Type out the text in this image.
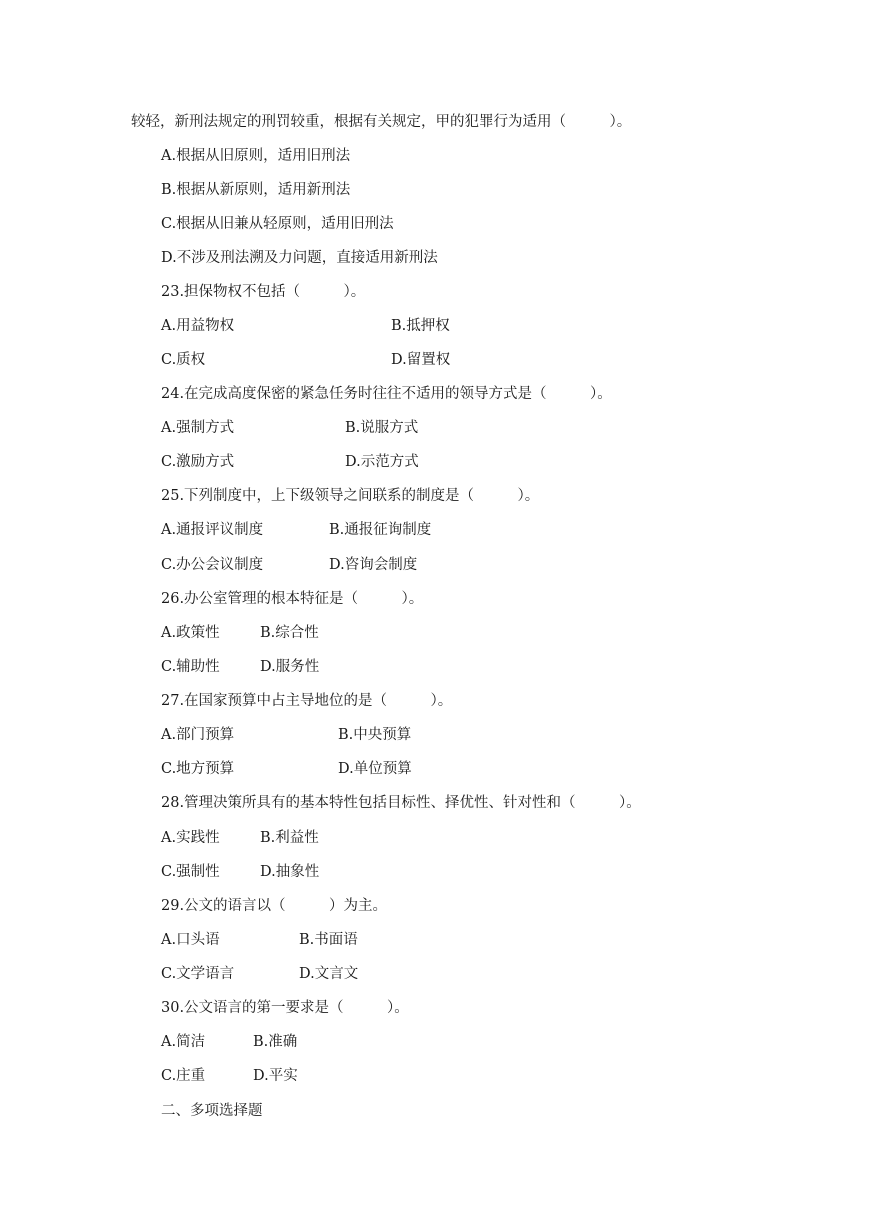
较轻，新刑法规定的刑罚较重，根据有关规定，甲的犯罪行为适用（　　　）。
A.根据从旧原则，适用旧刑法
B.根据从新原则，适用新刑法
C.根据从旧兼从轻原则，适用旧刑法
D.不涉及刑法溯及力问题，直接适用新刑法
23.担保物权不包括（　　　）。
A.用益物权	B.抵押权
C.质权	D.留置权
24.在完成高度保密的紧急任务时往往不适用的领导方式是（　　　）。
A.强制方式	B.说服方式
C.激励方式	D.示范方式
25.下列制度中，上下级领导之间联系的制度是（　　　）。
A.通报评议制度	B.通报征询制度
C.办公会议制度	D.咨询会制度
26.办公室管理的根本特征是（　　　）。
A.政策性	B.综合性
C.辅助性	D.服务性
27.在国家预算中占主导地位的是（　　　）。
A.部门预算	B.中央预算
C.地方预算	D.单位预算
28.管理决策所具有的基本特性包括目标性、择优性、针对性和（　　　）。
A.实践性	B.利益性
C.强制性	D.抽象性
29.公文的语言以（　　　）为主。
A.口头语	B.书面语
C.文学语言	D.文言文
30.公文语言的第一要求是（　　　）。
A.简洁	B.准确
C.庄重	D.平实
二、多项选择题
